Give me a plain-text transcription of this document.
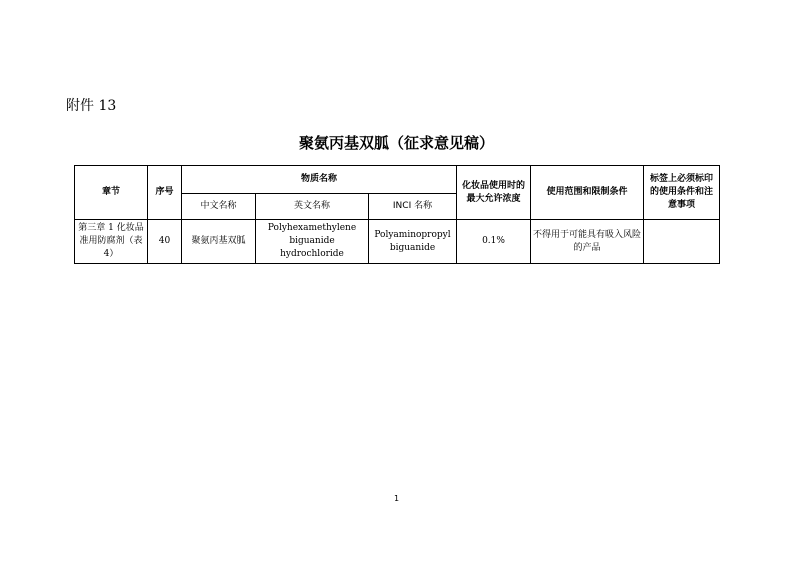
附件 13
聚氨丙基双胍（征求意见稿）
章节	序号	物质名称			化妆品使用时的最大允许浓度	使用范围和限制条件	标签上必须标印的使用条件和注意事项
		中文名称	英文名称	INCI 名称			
第三章 1 化妆品准用防腐剂（表 4）	40	聚氨丙基双胍	Polyhexamethylene biguanide hydrochloride	Polyaminopropyl biguanide	0.1%	不得用于可能具有吸入风险的产品	
1
